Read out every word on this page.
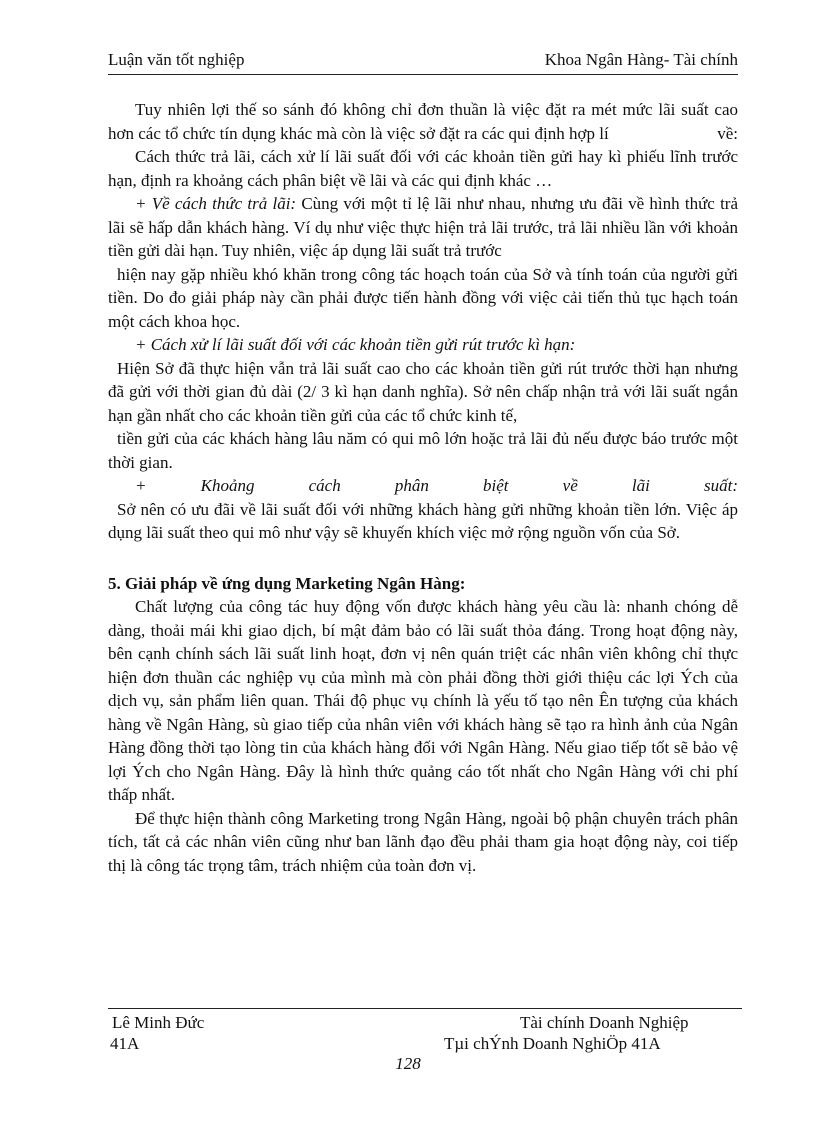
Luận văn tốt nghiệp	Khoa Ngân Hàng- Tài chính

Tuy nhiên lợi thế so sánh đó không chỉ đơn thuần là việc đặt ra mét mức lãi suất cao hơn các tổ chức tín dụng khác mà còn là việc sở đặt ra các qui định hợp lí	về:

Cách thức trả lãi, cách xử lí lãi suất đối với các khoản tiền gửi hay kì phiếu lĩnh trước hạn, định ra khoảng cách phân biệt về lãi và các qui định khác …

+ Về cách thức trả lãi: Cùng với một tỉ lệ lãi như nhau, nhưng ưu đãi về hình thức trả lãi sẽ hấp dẫn khách hàng. Ví dụ như việc thực hiện trả lãi trước, trả lãi nhiều lần với khoản tiền gửi dài hạn. Tuy nhiên, việc áp dụng lãi suất trả trước

hiện nay gặp nhiều khó khăn trong công tác hoạch toán của Sở và tính toán của người gửi tiền. Do đo giải pháp này cần phải được tiến hành đồng với việc cải tiến thủ tục hạch toán một cách khoa học.

+ Cách xử lí lãi suất đối với các khoản tiền gửi rút trước kì hạn:

Hiện Sở đã thực hiện vẫn trả lãi suất cao cho các khoản tiền gửi rút trước thời hạn nhưng đã gửi với thời gian đủ dài (2/ 3 kì hạn danh nghĩa). Sở nên chấp nhận trả với lãi suất ngắn hạn gần nhất cho các khoản tiền gửi của các tổ chức kinh tế,

tiền gửi của các khách hàng lâu năm có qui mô lớn hoặc trả lãi đủ nếu được báo trước một thời gian.

+ Khoảng cách phân biệt về lãi suất:

Sở nên có ưu đãi về lãi suất đối với những khách hàng gửi những khoản tiền lớn. Việc áp dụng lãi suất theo qui mô như vậy sẽ khuyến khích việc mở rộng nguồn vốn của Sở.

5. Giải pháp về ứng dụng Marketing Ngân Hàng:

Chất lượng của công tác huy động vốn được khách hàng yêu cầu là: nhanh chóng dễ dàng, thoải mái khi giao dịch, bí mật đảm bảo có lãi suất thỏa đáng. Trong hoạt động này, bên cạnh chính sách lãi suất linh hoạt, đơn vị nên quán triệt các nhân viên không chỉ thực hiện đơn thuần các nghiệp vụ của mình mà còn phải đồng thời giới thiệu các lợi Ých của dịch vụ, sản phẩm liên quan. Thái độ phục vụ chính là yếu tố tạo nên Ên tượng của khách hàng về Ngân Hàng, sù giao tiếp của nhân viên với khách hàng sẽ tạo ra hình ảnh của Ngân Hàng đồng thời tạo lòng tin của khách hàng đối với Ngân Hàng. Nếu giao tiếp tốt sẽ bảo vệ lợi Ých cho Ngân Hàng. Đây là hình thức quảng cáo tốt nhất cho Ngân Hàng với chi phí thấp nhất.

Để thực hiện thành công Marketing trong Ngân Hàng, ngoài bộ phận chuyên trách phân tích, tất cả các nhân viên cũng như ban lãnh đạo đều phải tham gia hoạt động này, coi tiếp thị là công tác trọng tâm, trách nhiệm của toàn đơn vị.

Lê Minh Đức	Tài chính Doanh Nghiệp
41A	Tµi chÝnh Doanh NghiÖp 41A
128
